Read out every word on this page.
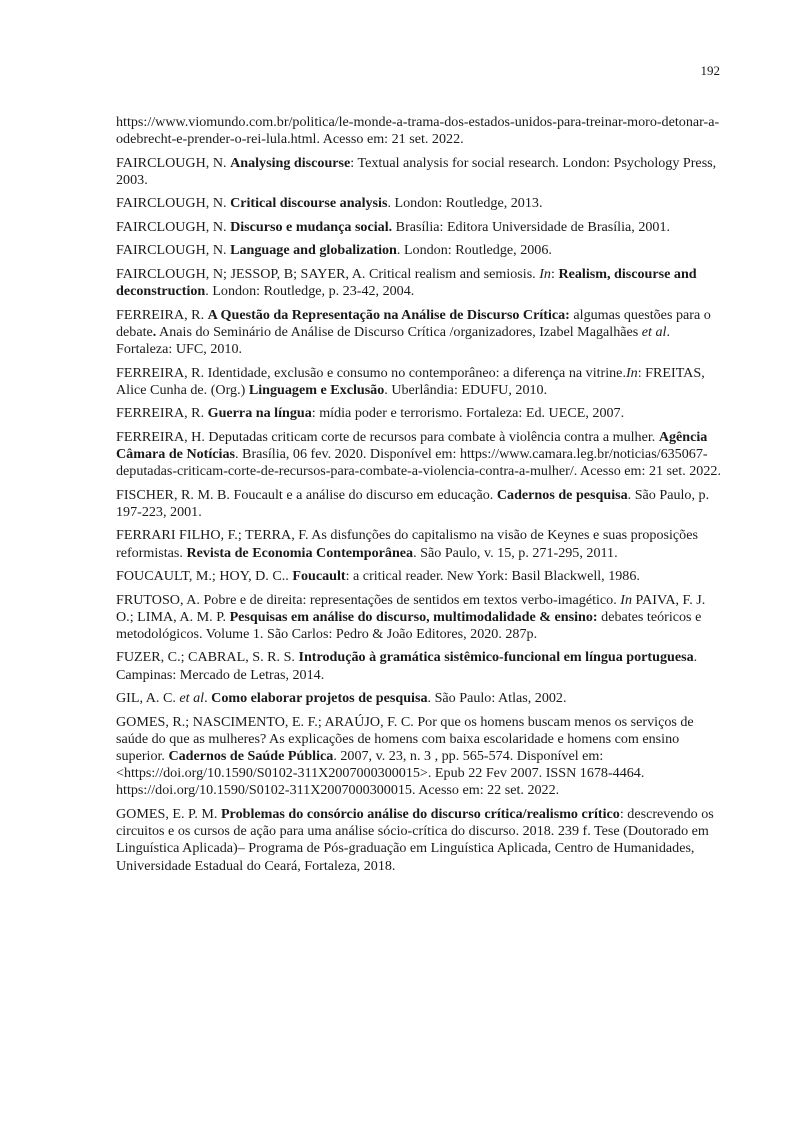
192

https://www.viomundo.com.br/politica/le-monde-a-trama-dos-estados-unidos-para-treinar-moro-detonar-a-odebrecht-e-prender-o-rei-lula.html. Acesso em: 21 set. 2022.

FAIRCLOUGH, N. Analysing discourse: Textual analysis for social research. London: Psychology Press, 2003.

FAIRCLOUGH, N. Critical discourse analysis. London: Routledge, 2013.

FAIRCLOUGH, N. Discurso e mudança social. Brasília: Editora Universidade de Brasília, 2001.

FAIRCLOUGH, N. Language and globalization. London: Routledge, 2006.

FAIRCLOUGH, N; JESSOP, B; SAYER, A. Critical realism and semiosis. In: Realism, discourse and deconstruction. London: Routledge, p. 23-42, 2004.

FERREIRA, R. A Questão da Representação na Análise de Discurso Crítica: algumas questões para o debate. Anais do Seminário de Análise de Discurso Crítica /organizadores, Izabel Magalhães et al. Fortaleza: UFC, 2010.

FERREIRA, R. Identidade, exclusão e consumo no contemporâneo: a diferença na vitrine.In: FREITAS, Alice Cunha de. (Org.) Linguagem e Exclusão. Uberlândia: EDUFU, 2010.

FERREIRA, R. Guerra na língua: mídia poder e terrorismo. Fortaleza: Ed. UECE, 2007.

FERREIRA, H. Deputadas criticam corte de recursos para combate à violência contra a mulher. Agência Câmara de Notícias. Brasília, 06 fev. 2020. Disponível em: https://www.camara.leg.br/noticias/635067-deputadas-criticam-corte-de-recursos-para-combate-a-violencia-contra-a-mulher/. Acesso em: 21 set. 2022.

FISCHER, R. M. B. Foucault e a análise do discurso em educação. Cadernos de pesquisa. São Paulo, p. 197-223, 2001.

FERRARI FILHO, F.; TERRA, F. As disfunções do capitalismo na visão de Keynes e suas proposições reformistas. Revista de Economia Contemporânea. São Paulo, v. 15, p. 271-295, 2011.

FOUCAULT, M.; HOY, D. C.. Foucault: a critical reader. New York: Basil Blackwell, 1986.

FRUTOSO, A. Pobre e de direita: representações de sentidos em textos verbo-imagético. In PAIVA, F. J. O.; LIMA, A. M. P. Pesquisas em análise do discurso, multimodalidade & ensino: debates teóricos e metodológicos. Volume 1. São Carlos: Pedro & João Editores, 2020. 287p.

FUZER, C.; CABRAL, S. R. S. Introdução à gramática sistêmico-funcional em língua portuguesa. Campinas: Mercado de Letras, 2014.

GIL, A. C. et al. Como elaborar projetos de pesquisa. São Paulo: Atlas, 2002.

GOMES, R.; NASCIMENTO, E. F.; ARAÚJO, F. C. Por que os homens buscam menos os serviços de saúde do que as mulheres? As explicações de homens com baixa escolaridade e homens com ensino superior. Cadernos de Saúde Pública. 2007, v. 23, n. 3 , pp. 565-574. Disponível em: <https://doi.org/10.1590/S0102-311X2007000300015>. Epub 22 Fev 2007. ISSN 1678-4464. https://doi.org/10.1590/S0102-311X2007000300015. Acesso em: 22 set. 2022.

GOMES, E. P. M. Problemas do consórcio análise do discurso crítica/realismo crítico: descrevendo os circuitos e os cursos de ação para uma análise sócio-crítica do discurso. 2018. 239 f. Tese (Doutorado em Linguística Aplicada)– Programa de Pós-graduação em Linguística Aplicada, Centro de Humanidades, Universidade Estadual do Ceará, Fortaleza, 2018.
